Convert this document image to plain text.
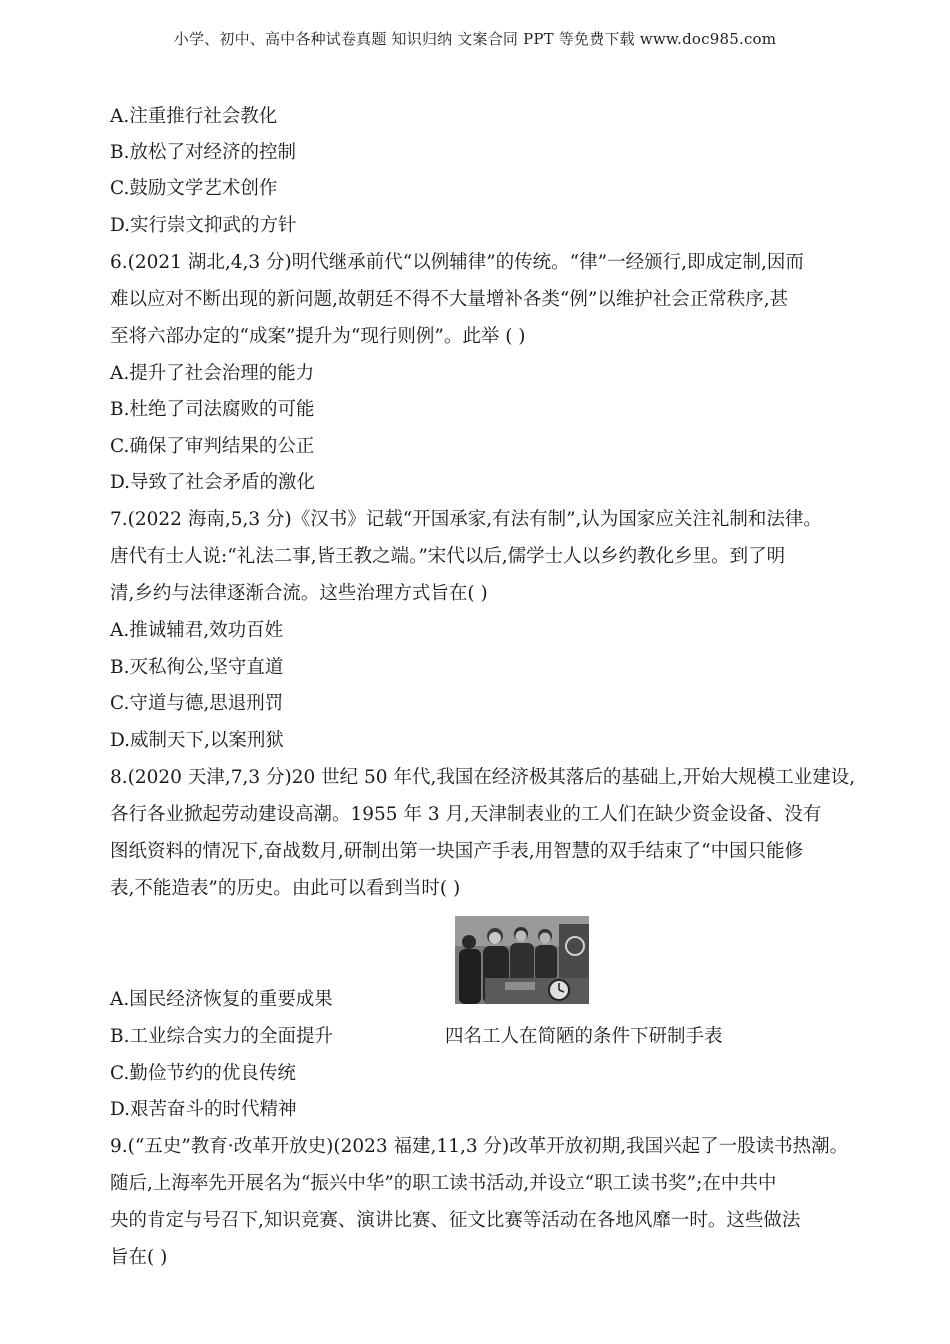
小学、初中、高中各种试卷真题 知识归纳 文案合同 PPT 等免费下载 www.doc985.com
A.注重推行社会教化
B.放松了对经济的控制
C.鼓励文学艺术创作
D.实行崇文抑武的方针
6.(2021 湖北,4,3 分)明代继承前代“以例辅律”的传统。“律”一经颁行,即成定制,因而
难以应对不断出现的新问题,故朝廷不得不大量增补各类“例”以维护社会正常秩序,甚
至将六部办定的“成案”提升为“现行则例”。此举 ( )
A.提升了社会治理的能力
B.杜绝了司法腐败的可能
C.确保了审判结果的公正
D.导致了社会矛盾的激化
7.(2022 海南,5,3 分)《汉书》记载“开国承家,有法有制”,认为国家应关注礼制和法律。
唐代有士人说:“礼法二事,皆王教之端。”宋代以后,儒学士人以乡约教化乡里。到了明
清,乡约与法律逐渐合流。这些治理方式旨在( )
A.推诚辅君,效功百姓
B.灭私徇公,坚守直道
C.守道与德,思退刑罚
D.威制天下,以案刑狱
8.(2020 天津,7,3 分)20 世纪 50 年代,我国在经济极其落后的基础上,开始大规模工业建设,
各行各业掀起劳动建设高潮。1955 年 3 月,天津制表业的工人们在缺少资金设备、没有
图纸资料的情况下,奋战数月,研制出第一块国产手表,用智慧的双手结束了“中国只能修
表,不能造表”的历史。由此可以看到当时( )
A.国民经济恢复的重要成果
B.工业综合实力的全面提升
C.勤俭节约的优良传统
D.艰苦奋斗的时代精神
9.(“五史”教育·改革开放史)(2023 福建,11,3 分)改革开放初期,我国兴起了一股读书热潮。
随后,上海率先开展名为“振兴中华”的职工读书活动,并设立“职工读书奖”;在中共中
央的肯定与号召下,知识竞赛、演讲比赛、征文比赛等活动在各地风靡一时。这些做法
旨在( )
四名工人在简陋的条件下研制手表
